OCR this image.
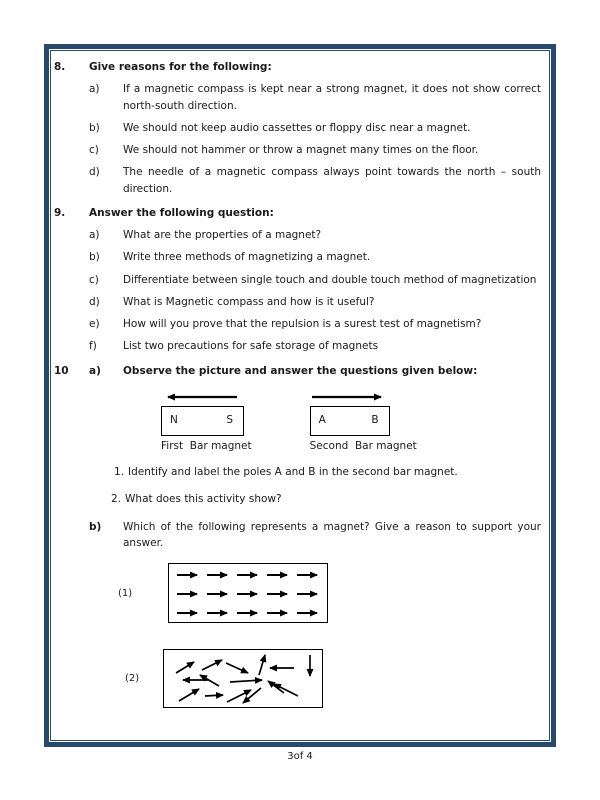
8.	Give reasons for the following:
a)	If a magnetic compass is kept near a strong magnet, it does not show correct north-south direction.
b)	We should not keep audio cassettes or floppy disc near a magnet.
c)	We should not hammer or throw a magnet many times on the floor.
d)	The needle of a magnetic compass always point towards the north – south direction.
9.	Answer the following question:
a)	What are the properties of a magnet?
b)	Write three methods of magnetizing a magnet.
c)	Differentiate between single touch and double touch method of magnetization
d)	What is Magnetic compass and how is it useful?
e)	How will you prove that the repulsion is a surest test of magnetism?
f)	List two precautions for safe storage of magnets
10	a)	Observe the picture and answer the questions given below:
N	S
First  Bar magnet
A	B
Second  Bar magnet
1. Identify and label the poles A and B in the second bar magnet.
2. What does this activity show?
b)	Which of the following represents a magnet? Give a reason to support your answer.
(1)
(2)
3of 4
